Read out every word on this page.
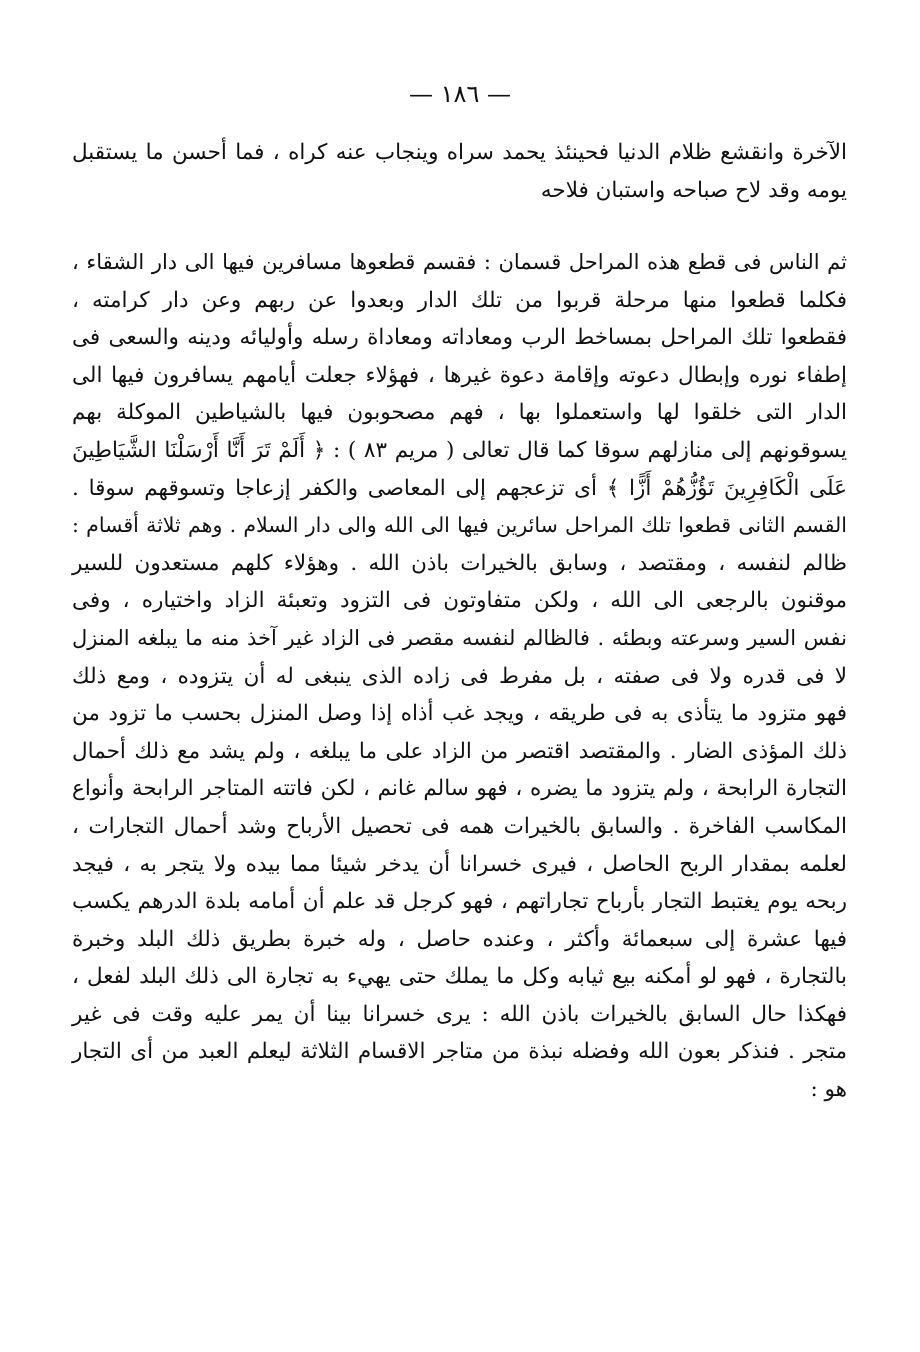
— ١٨٦ —
الآخرة وانقشع ظلام الدنيا فحينئذ يحمد سراه وينجاب عنه كراه ، فما أحسن ما يستقبل
يومه وقد لاح صباحه واستبان فلاحه
ثم الناس فى قطع هذه المراحل قسمان : فقسم قطعوها مسافرين فيها الى دار الشقاء ،
فكلما قطعوا منها مرحلة قربوا من تلك الدار وبعدوا عن ربهم وعن دار كرامته ،
فقطعوا تلك المراحل بمساخط الرب ومعاداته ومعاداة رسله وأوليائه ودينه والسعى فى
إطفاء نوره وإبطال دعوته وإقامة دعوة غيرها ، فهؤلاء جعلت أيامهم يسافرون فيها الى
الدار التى خلقوا لها واستعملوا بها ، فهم مصحوبون فيها بالشياطين الموكلة بهم
يسوقونهم إلى منازلهم سوقا كما قال تعالى ( مريم ٨٣ ) : ﴿ أَلَمْ تَرَ أَنَّا أَرْسَلْنَا الشَّيَاطِينَ
عَلَى الْكَافِرِينَ تَؤُزُّهُمْ أَزًّا ﴾ أى تزعجهم إلى المعاصى والكفر إزعاجا وتسوقهم سوقا .
القسم الثانى قطعوا تلك المراحل سائرين فيها الى الله والى دار السلام . وهم ثلاثة أقسام :
ظالم لنفسه ، ومقتصد ، وسابق بالخيرات باذن الله . وهؤلاء كلهم مستعدون للسير
موقنون بالرجعى الى الله ، ولكن متفاوتون فى التزود وتعبئة الزاد واختياره ، وفى
نفس السير وسرعته وبطئه . فالظالم لنفسه مقصر فى الزاد غير آخذ منه ما يبلغه المنزل
لا فى قدره ولا فى صفته ، بل مفرط فى زاده الذى ينبغى له أن يتزوده ، ومع ذلك
فهو متزود ما يتأذى به فى طريقه ، ويجد غب أذاه إذا وصل المنزل بحسب ما تزود من
ذلك المؤذى الضار . والمقتصد اقتصر من الزاد على ما يبلغه ، ولم يشد مع ذلك أحمال
التجارة الرابحة ، ولم يتزود ما يضره ، فهو سالم غانم ، لكن فاتته المتاجر الرابحة وأنواع
المكاسب الفاخرة . والسابق بالخيرات همه فى تحصيل الأرباح وشد أحمال التجارات ،
لعلمه بمقدار الربح الحاصل ، فيرى خسرانا أن يدخر شيئا مما بيده ولا يتجر به ، فيجد
ربحه يوم يغتبط التجار بأرباح تجاراتهم ، فهو كرجل قد علم أن أمامه بلدة الدرهم يكسب
فيها عشرة إلى سبعمائة وأكثر ، وعنده حاصل ، وله خبرة بطريق ذلك البلد وخبرة
بالتجارة ، فهو لو أمكنه بيع ثيابه وكل ما يملك حتى يهيء به تجارة الى ذلك البلد لفعل ،
فهكذا حال السابق بالخيرات باذن الله : يرى خسرانا بينا أن يمر عليه وقت فى غير
متجر . فنذكر بعون الله وفضله نبذة من متاجر الاقسام الثلاثة ليعلم العبد من أى التجار
هو :
